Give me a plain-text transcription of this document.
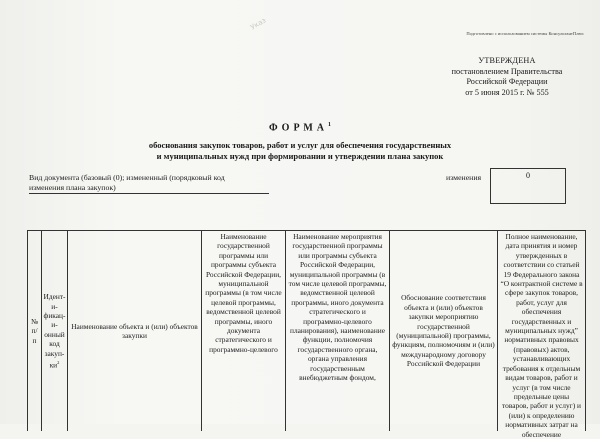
Указ
Подготовлено с использованием системы КонсультантПлюс
УТВЕРЖДЕНА
постановлением Правительства
Российской Федерации
от 5 июня 2015 г. № 555
ФОРМА$^1$
обоснования закупок товаров, работ и услуг для обеспечения государственных
и муниципальных нужд при формировании и утверждении плана закупок
Вид документа (базовый (0); измененный (порядковый код
изменения плана закупок)
изменения	0
№ п/п
Идент-и-фикац-и-онный код закуп-$ки^2$
Наименование объекта и (или) объектов закупки
Наименование государственной программы или программы субъекта Российской Федерации, муниципальной программы (в том числе целевой программы, ведомственной целевой программы, иного документа стратегического и программно-целевого
Наименование мероприятия государственной программы или программы субъекта Российской Федерации, муниципальной программы (в том числе целевой программы, ведомственной целевой программы, иного документа стратегического и программно-целевого планирования), наименование функции, полномочия государственного органа, органа управления государственным внебюджетным фондом,
Обоснование соответствия объекта и (или) объектов закупки мероприятию государственной (муниципальной) программы, функциям, полномочиям и (или) международному договору Российской Федерации
Полное наименование, дата принятия и номер утвержденных в соответствии со статьей 19 Федерального закона “О контрактной системе в сфере закупок товаров, работ, услуг для обеспечения государственных и муниципальных нужд” нормативных правовых (правовых) актов, устанавливающих требования к отдельным видам товаров, работ и услуг (в том числе предельные цены товаров, работ и услуг) и (или) к определению нормативных затрат на обеспечение
